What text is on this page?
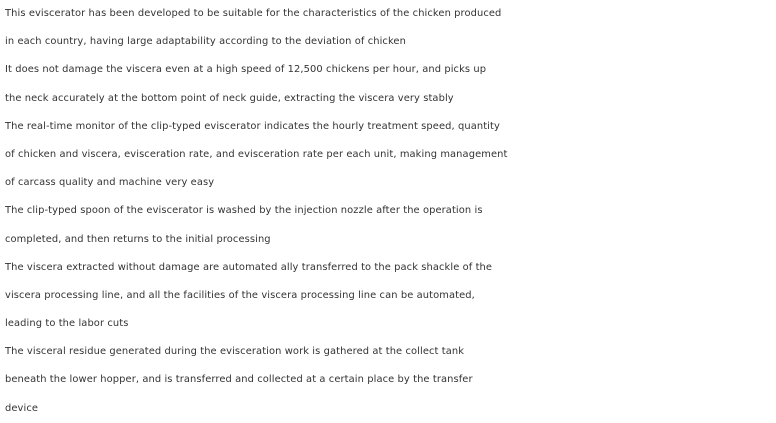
This eviscerator has been developed to be suitable for the characteristics of the chicken produced
in each country, having large adaptability according to the deviation of chicken

It does not damage the viscera even at a high speed of 12,500 chickens per hour, and picks up
the neck accurately at the bottom point of neck guide, extracting the viscera very stably

The real-time monitor of the clip-typed eviscerator indicates the hourly treatment speed, quantity
of chicken and viscera, evisceration rate, and evisceration rate per each unit, making management
of carcass quality and machine very easy

The clip-typed spoon of the eviscerator is washed by the injection nozzle after the operation is
completed, and then returns to the initial processing

The viscera extracted without damage are automated ally transferred to the pack shackle of the
viscera processing line, and all the facilities of the viscera processing line can be automated,
leading to the labor cuts

The visceral residue generated during the evisceration work is gathered at the collect tank
beneath the lower hopper, and is transferred and collected at a certain place by the transfer
device
